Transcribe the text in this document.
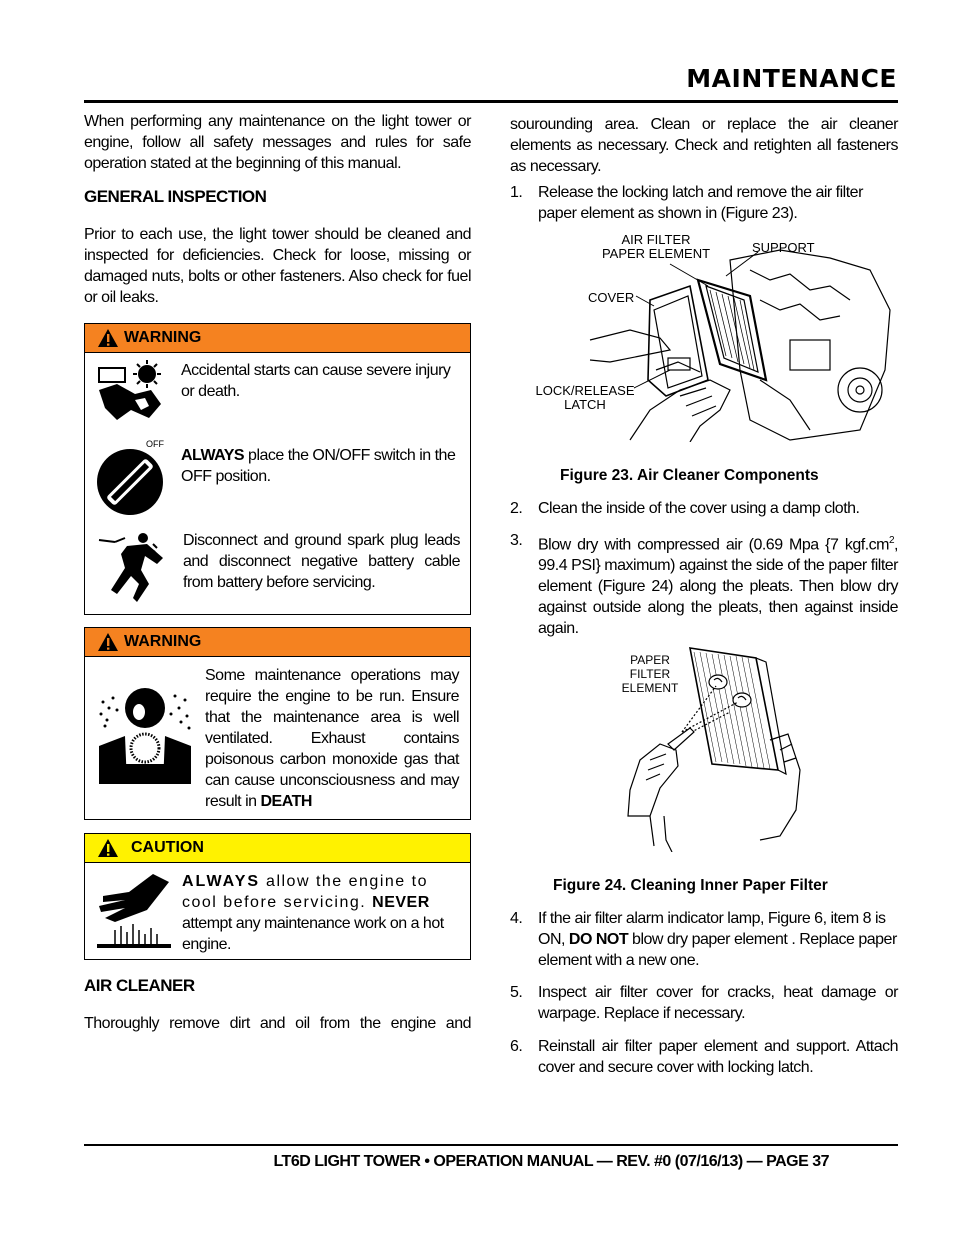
MAINTENANCE
When performing any maintenance on the light tower or engine, follow all safety messages and rules for safe operation stated at the beginning of this manual.
GENERAL INSPECTION
Prior to each use, the light tower should be cleaned and inspected for deficiencies. Check for loose, missing or damaged nuts, bolts or other fasteners. Also check for fuel or oil leaks.
WARNING
Accidental starts can cause severe injury or death.
OFF
ALWAYS place the ON/OFF switch in the OFF position.
Disconnect and ground spark plug leads and disconnect negative battery cable from battery before servicing.
WARNING
Some maintenance operations may require the engine to be run. Ensure that the maintenance area is well ventilated. Exhaust contains poisonous carbon monoxide gas that can cause unconsciousness and may result in DEATH
CAUTION
ALWAYS allow the engine to cool before servicing. NEVER attempt any maintenance work on a hot engine.
AIR CLEANER
Thoroughly remove dirt and oil from the engine and
sourounding area. Clean or replace the air cleaner elements as necessary. Check and retighten all fasteners as necessary.
1. Release the locking latch and remove the air filter paper element as shown in (Figure 23).
AIR FILTER
PAPER ELEMENT	SUPPORT
COVER
LOCK/RELEASE
LATCH
Figure 23. Air Cleaner Components
2. Clean the inside of the cover using a damp cloth.
3. Blow dry with compressed air (0.69 Mpa {7 $kgf.cm^2$, 99.4 PSI} maximum) against the side of the paper filter element (Figure 24) along the pleats. Then blow dry against outside along the pleats, then against inside again.
PAPER
FILTER
ELEMENT
Figure 24. Cleaning Inner Paper Filter
4. If the air filter alarm indicator lamp, Figure 6, item 8 is ON, DO NOT blow dry paper element . Replace paper element with a new one.
5. Inspect air filter cover for cracks, heat damage or warpage. Replace if necessary.
6. Reinstall air filter paper element and support. Attach cover and secure cover with locking latch.
LT6D LIGHT TOWER • OPERATION MANUAL — REV. #0 (07/16/13) — PAGE 37
